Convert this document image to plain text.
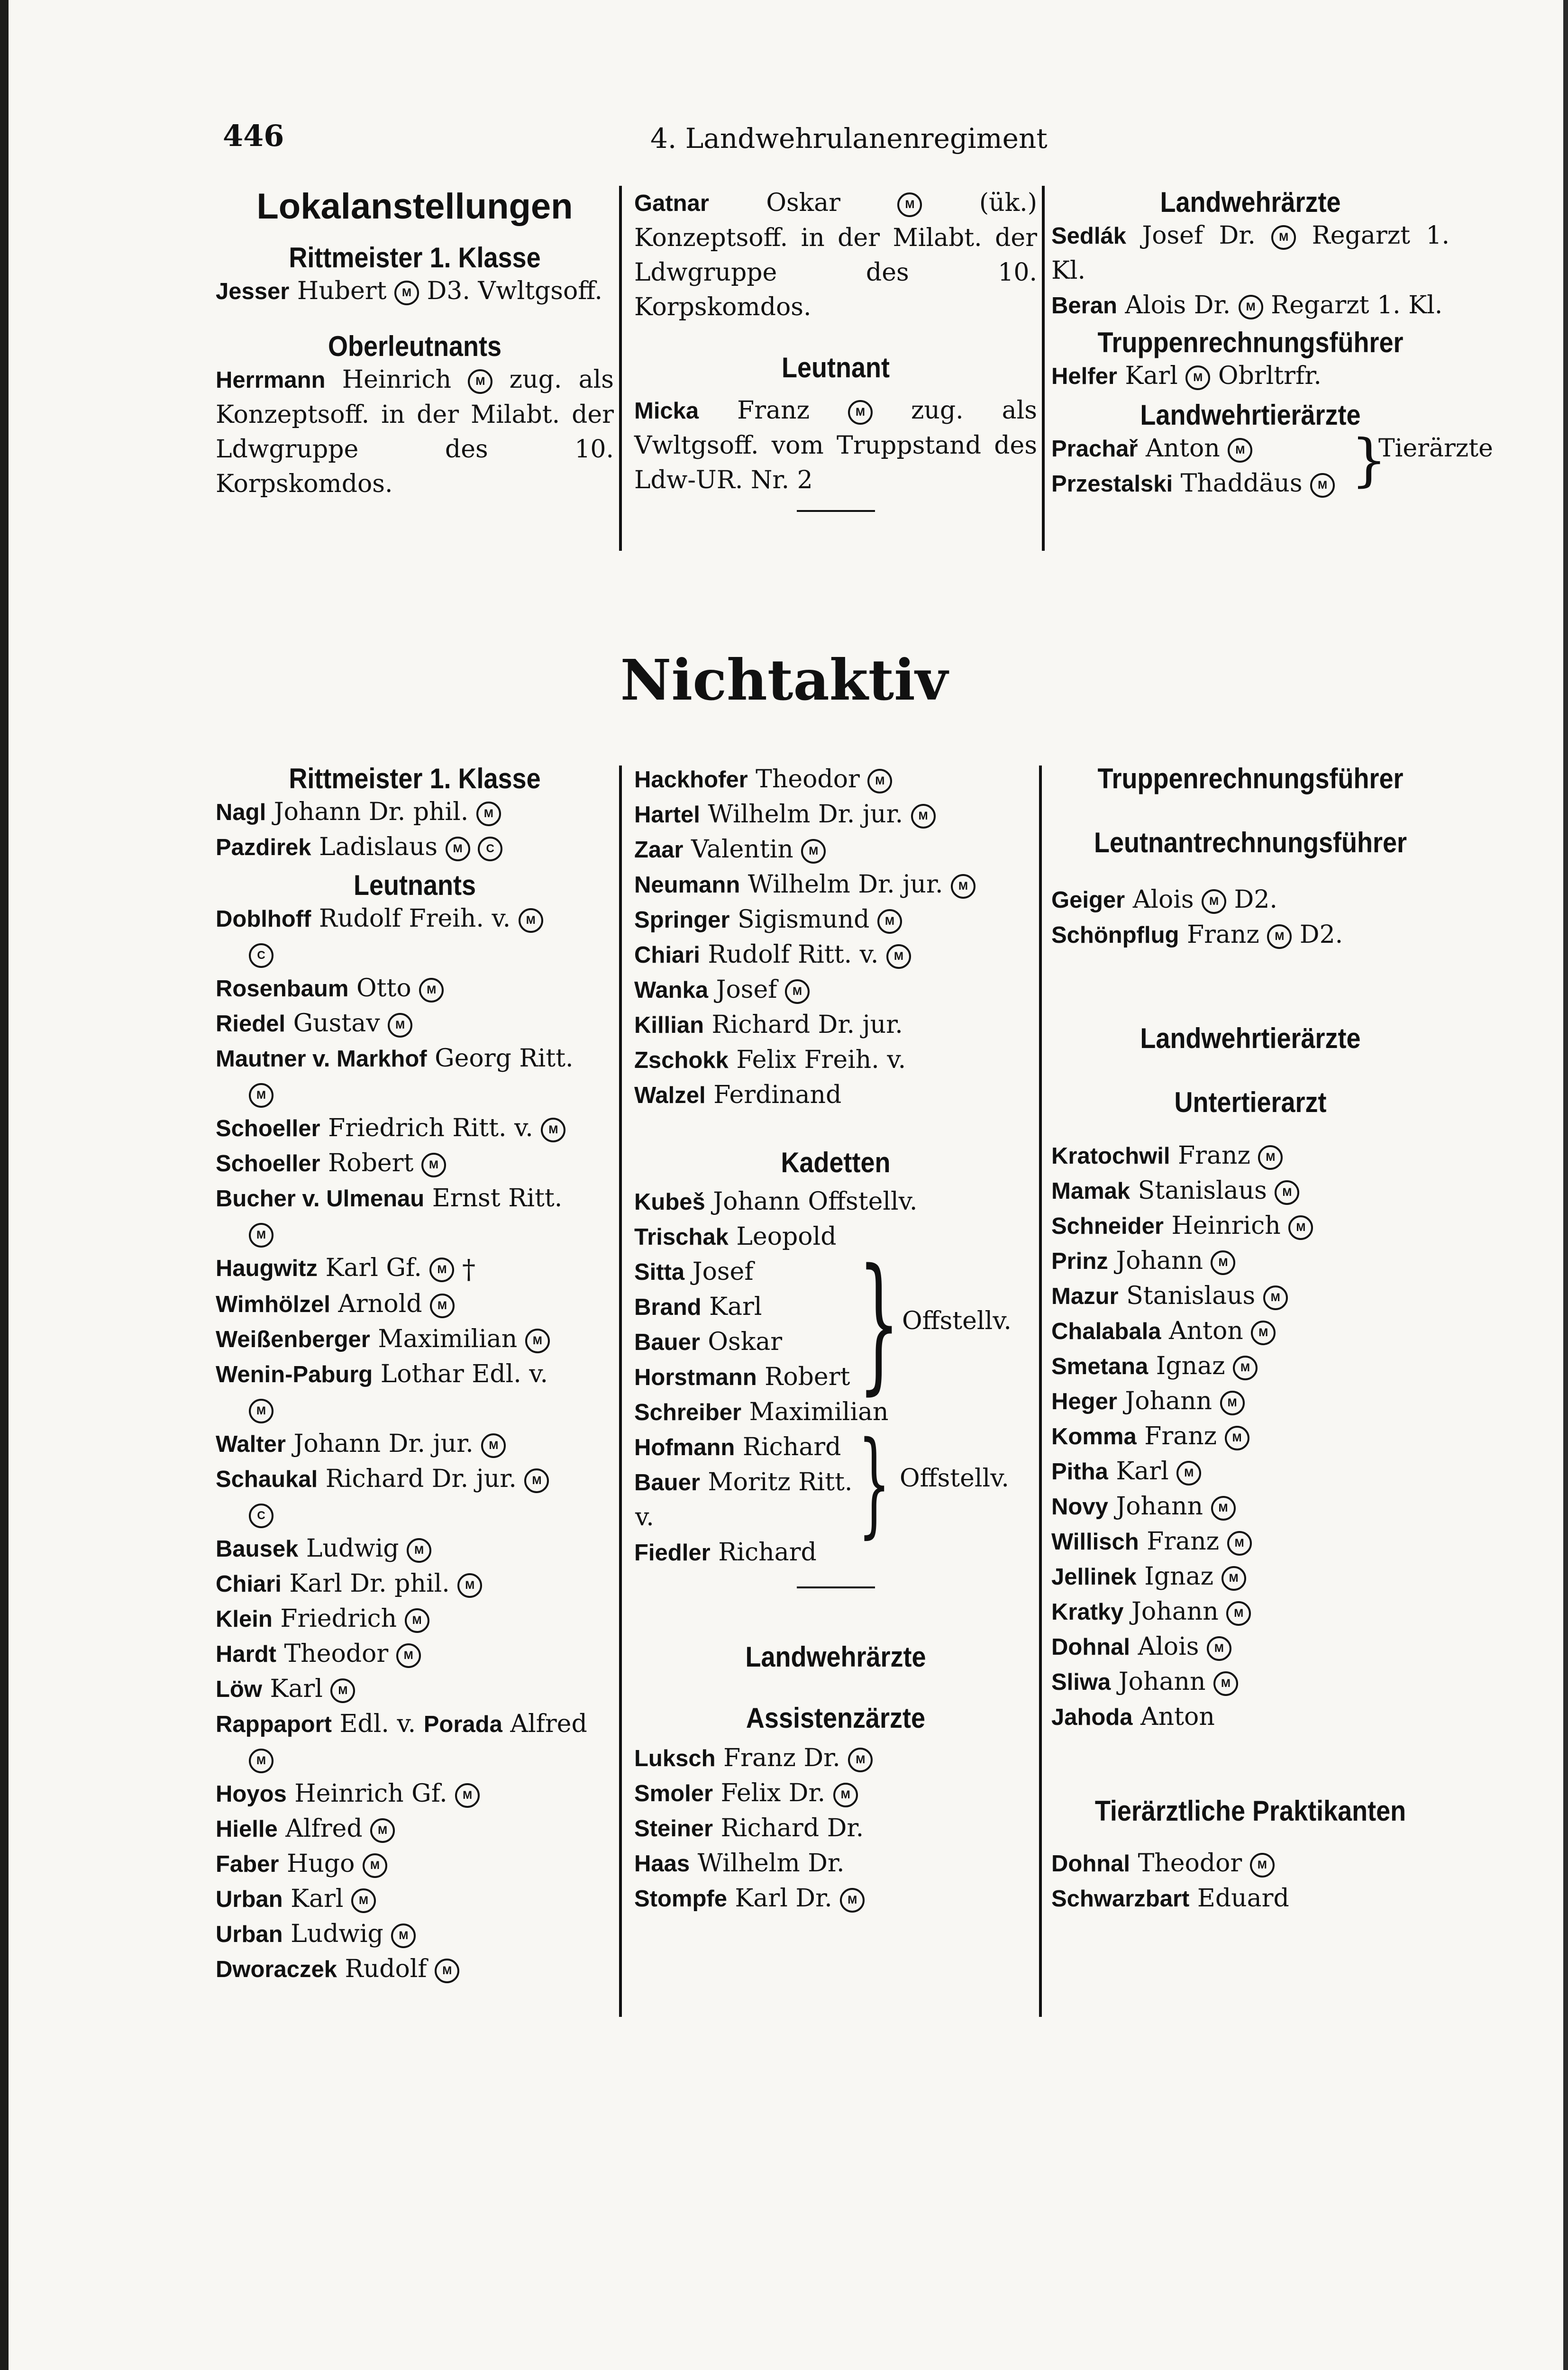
446	4. Landwehrulanenregiment
Lokalanstellungen
Rittmeister 1. Klasse

Jesser Hubert M D3. Vwltgsoff.

Oberleutnants

Herrmann Heinrich M zug. als Konzeptsoff. in der Milabt. der Ldwgruppe des 10. Korpskomdos.

Gatnar Oskar M (ük.) Konzeptsoff. in der Milabt. der Ldwgruppe des 10. Korpskomdos.

Leutnant

Micka Franz M zug. als Vwltgsoff. vom Truppstand des Ldw-UR. Nr. 2

Landwehrärzte

Sedlák Josef Dr. M Regarzt 1. Kl.

Beran Alois Dr. M Regarzt 1. Kl.

Truppenrechnungsführer

Helfer Karl M Obrltrfr.

Landwehrtierärzte

Prachař Anton M

Przestalski Thaddäus M }
Tierärzte
Nichtaktiv
Rittmeister 1. Klasse

Nagl Johann Dr. phil. M

Pazdirek Ladislaus M C

Leutnants

Doblhoff Rudolf Freih. v. M

C

Rosenbaum Otto M

Riedel Gustav M

Mautner v. Markhof Georg Ritt.

M

Schoeller Friedrich Ritt. v. M

Schoeller Robert M

Bucher v. Ulmenau Ernst Ritt.

M

Haugwitz Karl Gf. M †

Wimhölzel Arnold M

Weißenberger Maximilian M

Wenin-Paburg Lothar Edl. v.

M

Walter Johann Dr. jur. M

Schaukal Richard Dr. jur. M

C

Bausek Ludwig M

Chiari Karl Dr. phil. M

Klein Friedrich M

Hardt Theodor M

Löw Karl M

Rappaport Edl. v. Porada Alfred

M

Hoyos Heinrich Gf. M

Hielle Alfred M

Faber Hugo M

Urban Karl M

Urban Ludwig M

Dworaczek Rudolf M

Hackhofer Theodor M

Hartel Wilhelm Dr. jur. M

Zaar Valentin M

Neumann Wilhelm Dr. jur. M

Springer Sigismund M

Chiari Rudolf Ritt. v. M

Wanka Josef M

Killian Richard Dr. jur.

Zschokk Felix Freih. v.

Walzel Ferdinand

Kadetten

Kubeš Johann Offstellv.

Trischak Leopold

Sitta Josef

Brand Karl

Bauer Oskar

Horstmann Robert } Offstellv.

Schreiber Maximilian

Hofmann Richard

Bauer Moritz Ritt.

v.	} Offstellv.

Fiedler Richard

Landwehrärzte
Assistenzärzte

Luksch Franz Dr. M

Smoler Felix Dr. M

Steiner Richard Dr.

Haas Wilhelm Dr.

Stompfe Karl Dr. M

Truppenrechnungsführer
Leutnantrechnungsführer

Geiger Alois M D2.

Schönpflug Franz M D2.

Landwehrtierärzte
Untertierarzt

Kratochwil Franz M

Mamak Stanislaus M

Schneider Heinrich M

Prinz Johann M

Mazur Stanislaus M

Chalabala Anton M

Smetana Ignaz M

Heger Johann M

Komma Franz M

Pitha Karl M

Novy Johann M

Willisch Franz M

Jellinek Ignaz M

Kratky Johann M

Dohnal Alois M

Sliwa Johann M

Jahoda Anton

Tierärztliche Praktikanten

Dohnal Theodor M

Schwarzbart Eduard
